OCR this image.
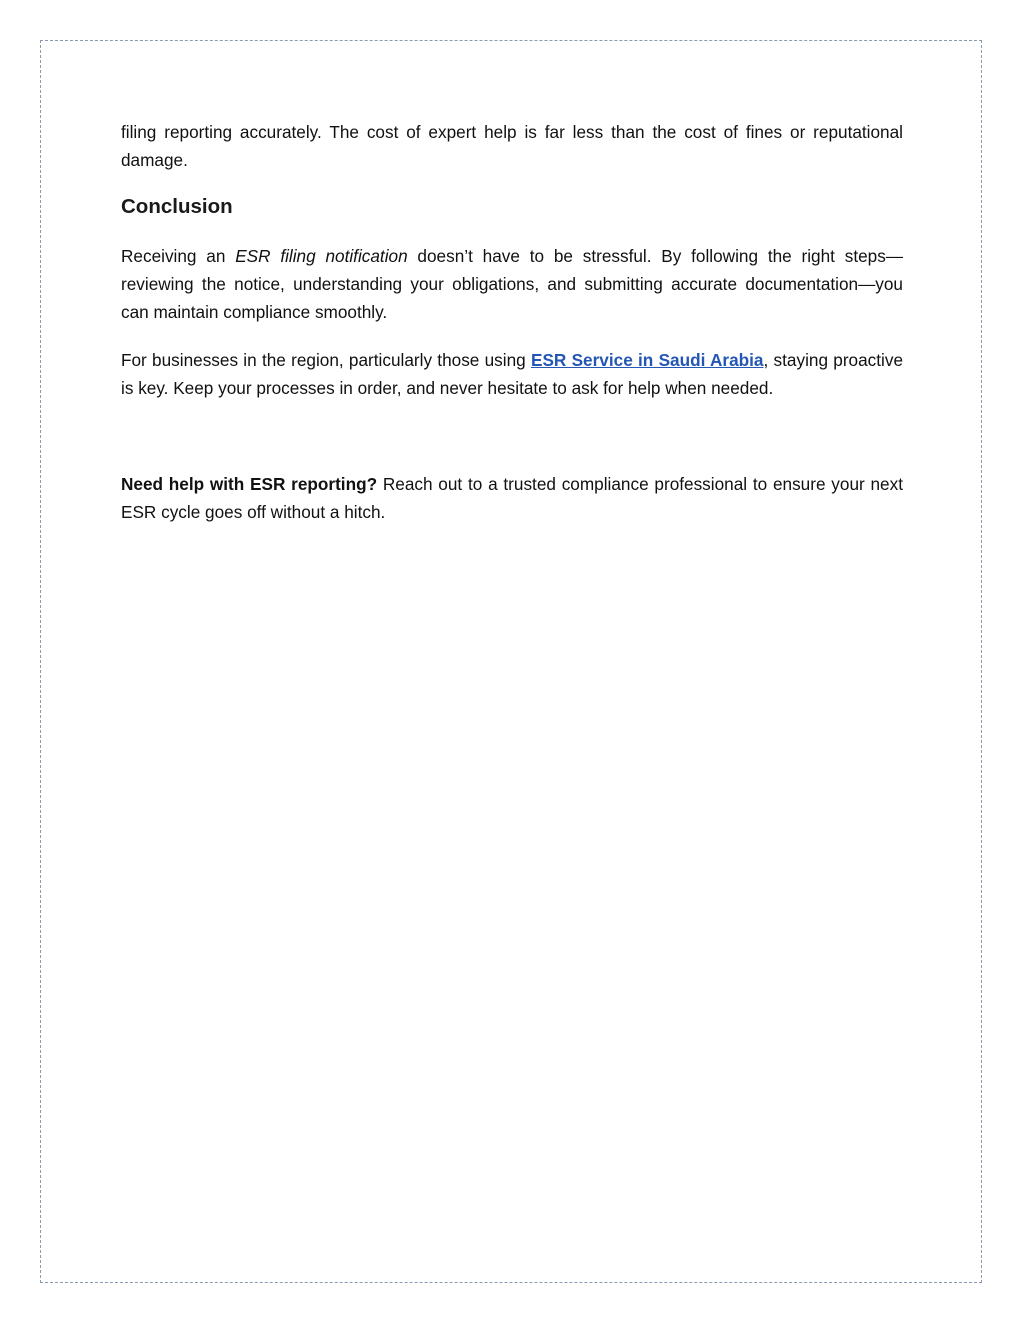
filing reporting accurately. The cost of expert help is far less than the cost of fines or reputational damage.

Conclusion

Receiving an ESR filing notification doesn’t have to be stressful. By following the right steps—reviewing the notice, understanding your obligations, and submitting accurate documentation—you can maintain compliance smoothly.

For businesses in the region, particularly those using ESR Service in Saudi Arabia, staying proactive is key. Keep your processes in order, and never hesitate to ask for help when needed.

Need help with ESR reporting? Reach out to a trusted compliance professional to ensure your next ESR cycle goes off without a hitch.
